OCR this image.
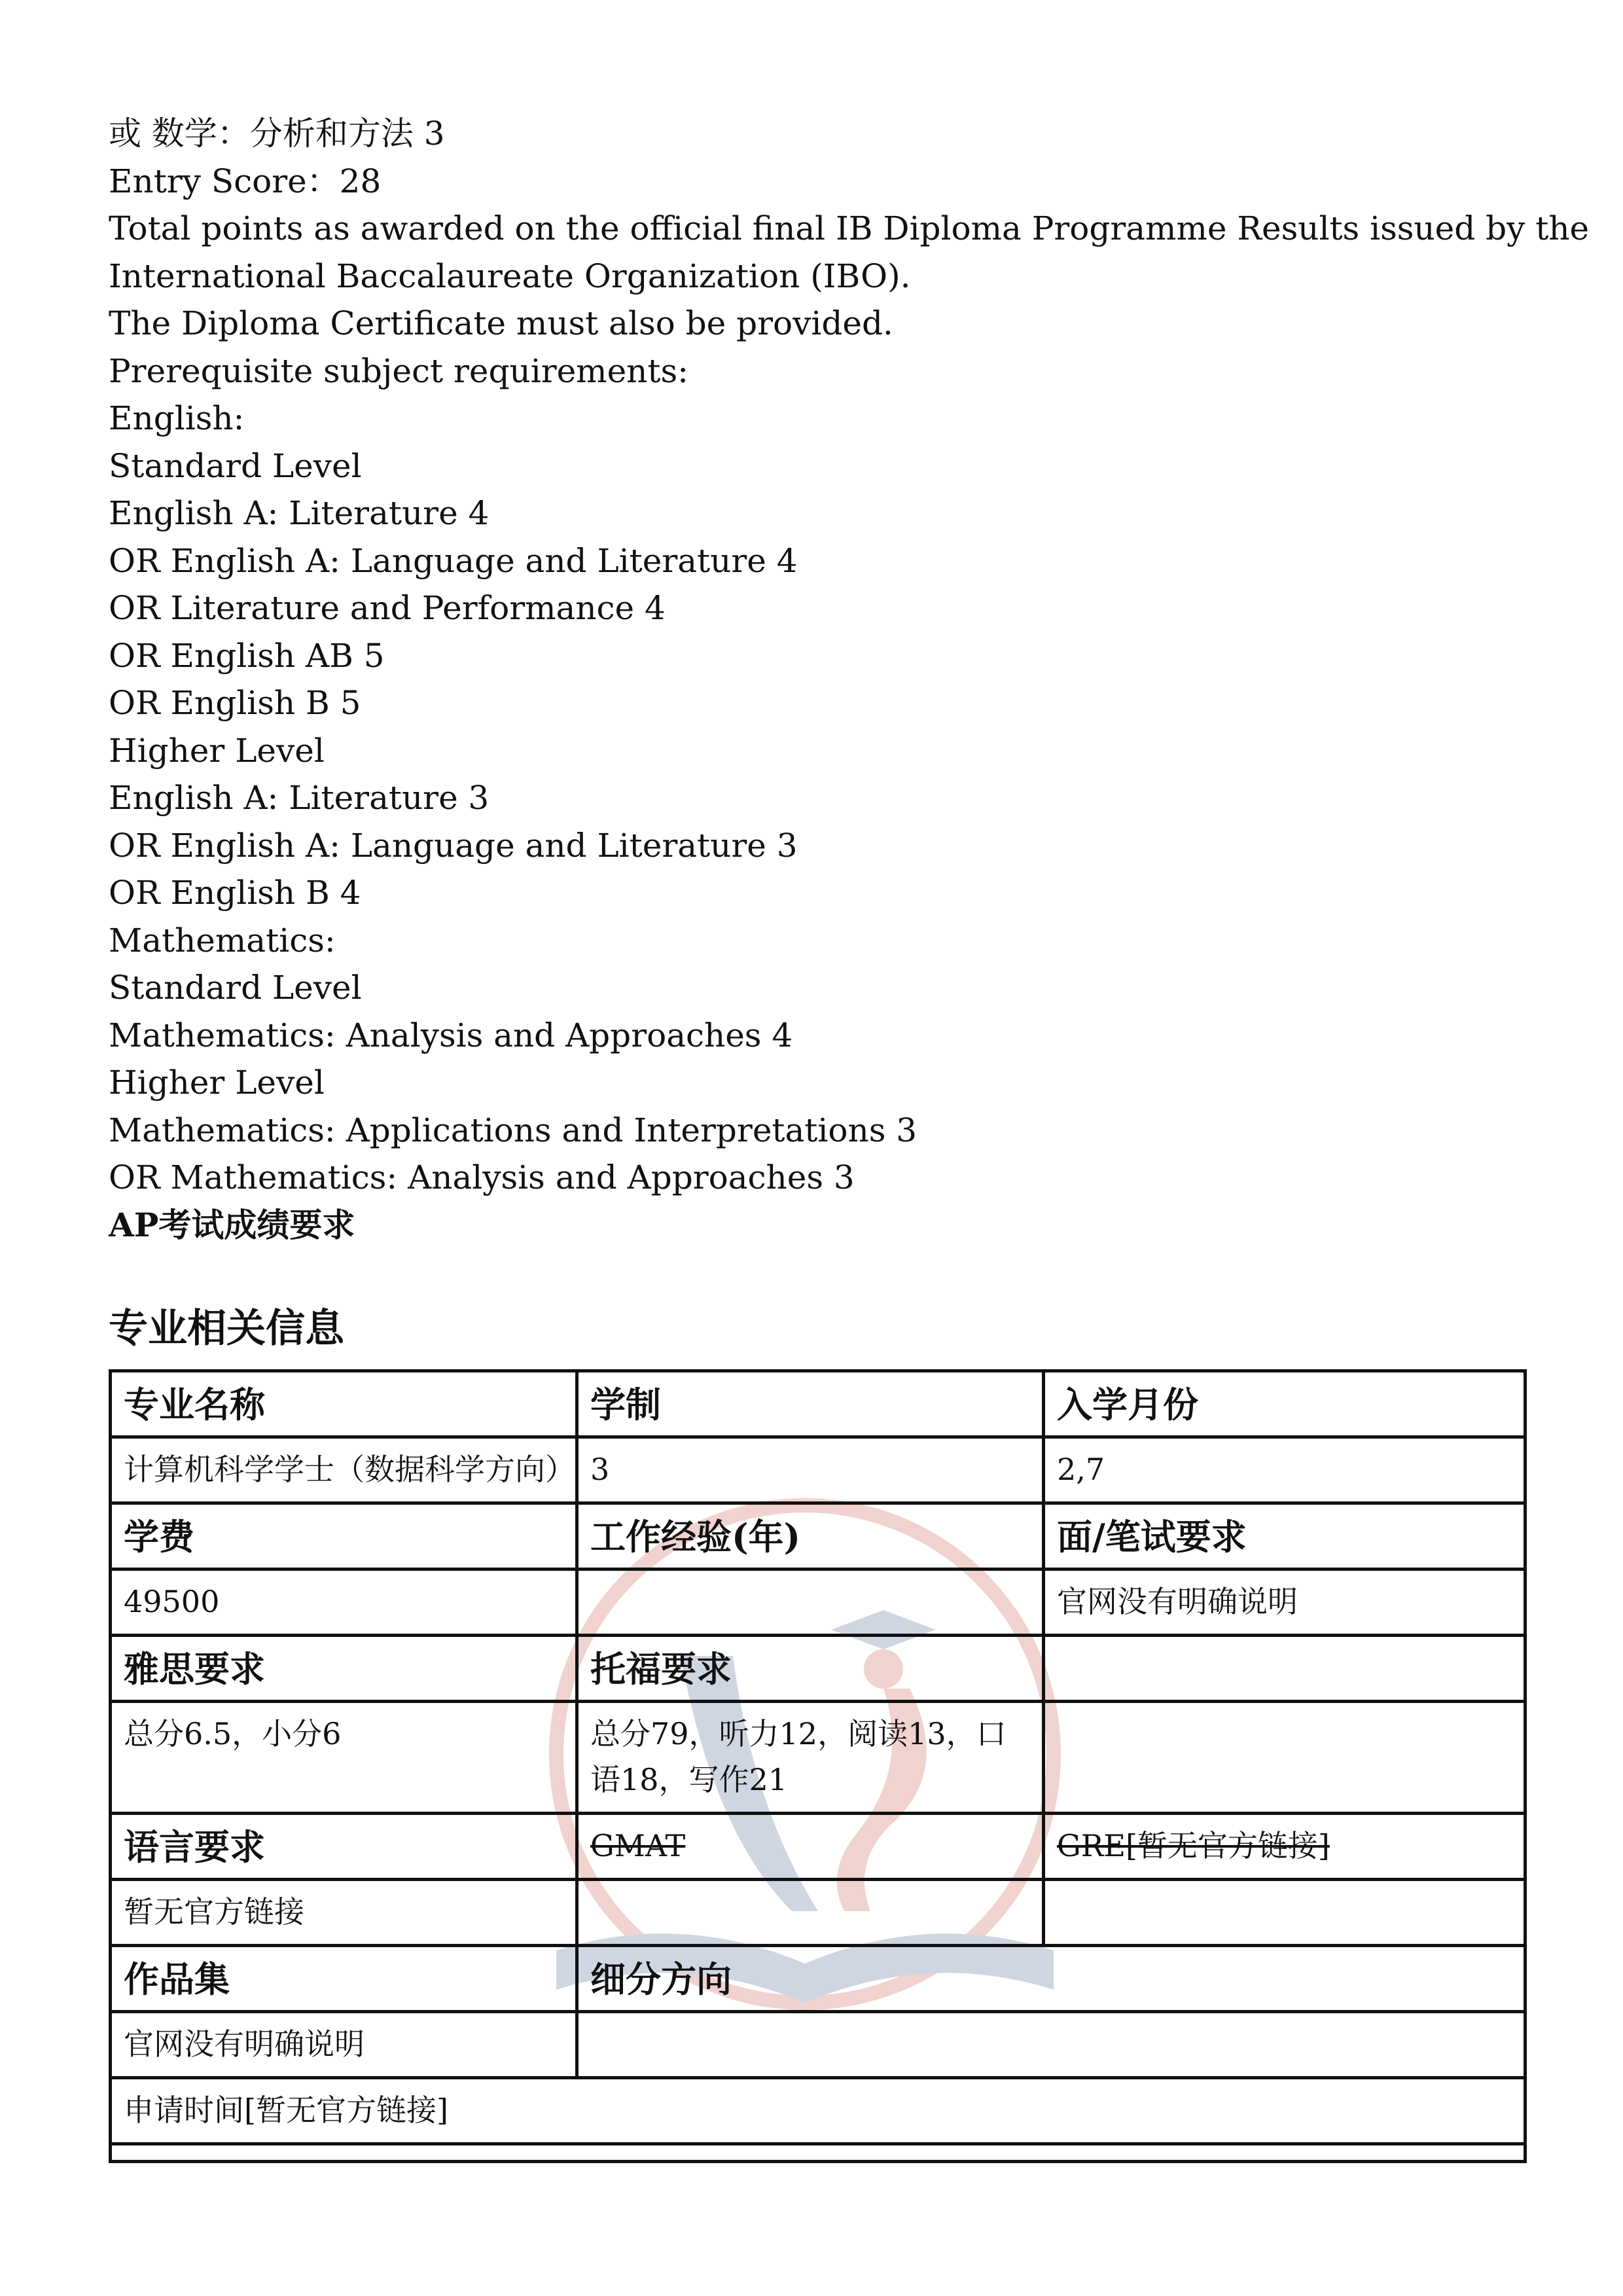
或 数学：分析和方法 3
Entry Score：28
Total points as awarded on the official final IB Diploma Programme Results issued by the
International Baccalaureate Organization (IBO).
The Diploma Certificate must also be provided.
Prerequisite subject requirements:
English:
Standard Level
English A: Literature 4
OR English A: Language and Literature 4
OR Literature and Performance 4
OR English AB 5
OR English B 5
Higher Level
English A: Literature 3
OR English A: Language and Literature 3
OR English B 4
Mathematics:
Standard Level
Mathematics: Analysis and Approaches 4
Higher Level
Mathematics: Applications and Interpretations 3
OR Mathematics: Analysis and Approaches 3
AP考试成绩要求
专业相关信息
专业名称	学制	入学月份
计算机科学学士（数据科学方向）	3	2,7
学费	工作经验(年)	面/笔试要求
49500		官网没有明确说明
雅思要求	托福要求	
总分6.5，小分6	总分79，听力12，阅读13，口语18，写作21	
语言要求	GMAT	GRE[暂无官方链接]
暂无官方链接		
作品集	细分方向	
官网没有明确说明		
申请时间[暂无官方链接]		
